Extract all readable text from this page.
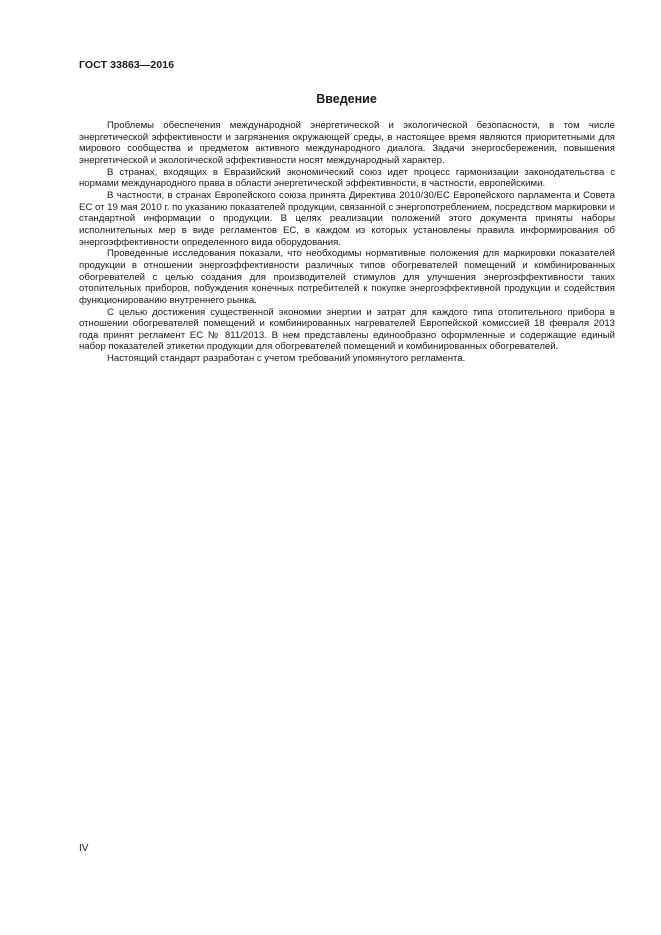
ГОСТ 33863—2016
Введение

Проблемы обеспечения международной энергетической и экологической безопасности, в том числе энергетической эффективности и загрязнения окружающей среды, в настоящее время являются приоритетными для мирового сообщества и предметом активного международного диалога. Задачи энергосбережения, повышения энергетической и экологической эффективности носят международный характер.

В странах, входящих в Евразийский экономический союз идет процесс гармонизации законодательства с нормами международного права в области энергетической эффективности, в частности, европейскими.

В частности, в странах Европейского союза принята Директива 2010/30/ЕС Европейского парламента и Совета ЕС от 19 мая 2010 г. по указанию показателей продукции, связанной с энергопотреблением, посредством маркировки и стандартной информации о продукции. В целях реализации положений этого документа приняты наборы исполнительных мер в виде регламентов ЕС, в каждом из которых установлены правила информирования об энергоэффективности определенного вида оборудования.

Проведенные исследования показали, что необходимы нормативные положения для маркировки показателей продукции в отношении энергоэффективности различных типов обогревателей помещений и комбинированных обогревателей с целью создания для производителей стимулов для улучшения энергоэффективности таких отопительных приборов, побуждения конечных потребителей к покупке энергоэффективной продукции и содействия функционированию внутреннего рынка.

С целью достижения существенной экономии энергии и затрат для каждого типа отопительного прибора в отношении обогревателей помещений и комбинированных нагревателей Европейской комиссией 18 февраля 2013 года принят регламент ЕС № 811/2013. В нем представлены единообразно оформленные и содержащие единый набор показателей этикетки продукции для обогревателей помещений и комбинированных обогревателей.

Настоящий стандарт разработан с учетом требований упомянутого регламента.

IV
